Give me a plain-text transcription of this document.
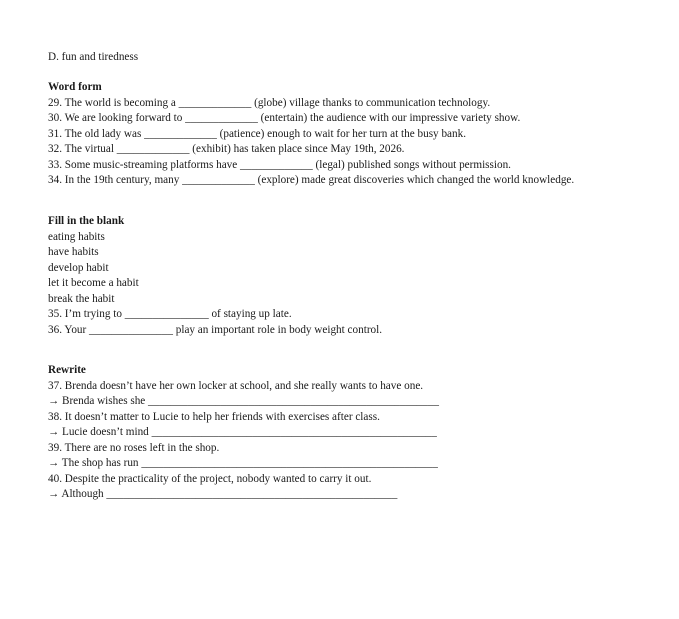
D. fun and tiredness

Word form

29. The world is becoming a _____________ (globe) village thanks to communication technology.

30. We are looking forward to _____________ (entertain) the audience with our impressive variety show.

31. The old lady was _____________ (patience) enough to wait for her turn at the busy bank.

32. The virtual _____________ (exhibit) has taken place since May 19th, 2026.

33. Some music-streaming platforms have _____________ (legal) published songs without permission.

34. In the 19th century, many _____________ (explore) made great discoveries which changed the world knowledge.

Fill in the blank

eating habits

have habits

develop habit

let it become a habit

break the habit

35. I’m trying to _______________ of staying up late.

36. Your _______________ play an important role in body weight control.

Rewrite

37. Brenda doesn’t have her own locker at school, and she really wants to have one.

→ Brenda wishes she ____________________________________________________

38. It doesn’t matter to Lucie to help her friends with exercises after class.

→ Lucie doesn’t mind ___________________________________________________

39. There are no roses left in the shop.

→ The shop has run _____________________________________________________

40. Despite the practicality of the project, nobody wanted to carry it out.

→ Although ____________________________________________________
